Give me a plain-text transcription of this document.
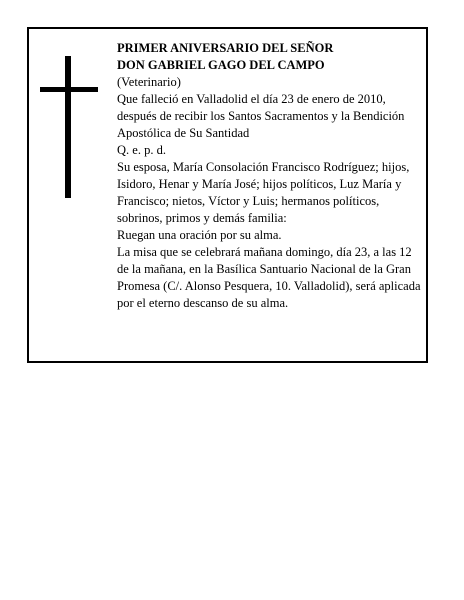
PRIMER ANIVERSARIO DEL SEÑOR

DON GABRIEL GAGO DEL CAMPO

(Veterinario)

Que falleció en Valladolid el día 23 de enero de 2010, después de recibir los Santos Sacramentos y la Bendición Apostólica de Su Santidad

Q. e. p. d.

Su esposa, María Consolación Francisco Rodríguez; hijos, Isidoro, Henar y María José; hijos políticos, Luz María y Francisco; nietos, Víctor y Luis; hermanos políticos, sobrinos, primos y demás familia:

Ruegan una oración por su alma.

La misa que se celebrará mañana domingo, día 23, a las 12 de la mañana, en la Basílica Santuario Nacional de la Gran Promesa (C/. Alonso Pesquera, 10. Valladolid), será aplicada por el eterno descanso de su alma.
